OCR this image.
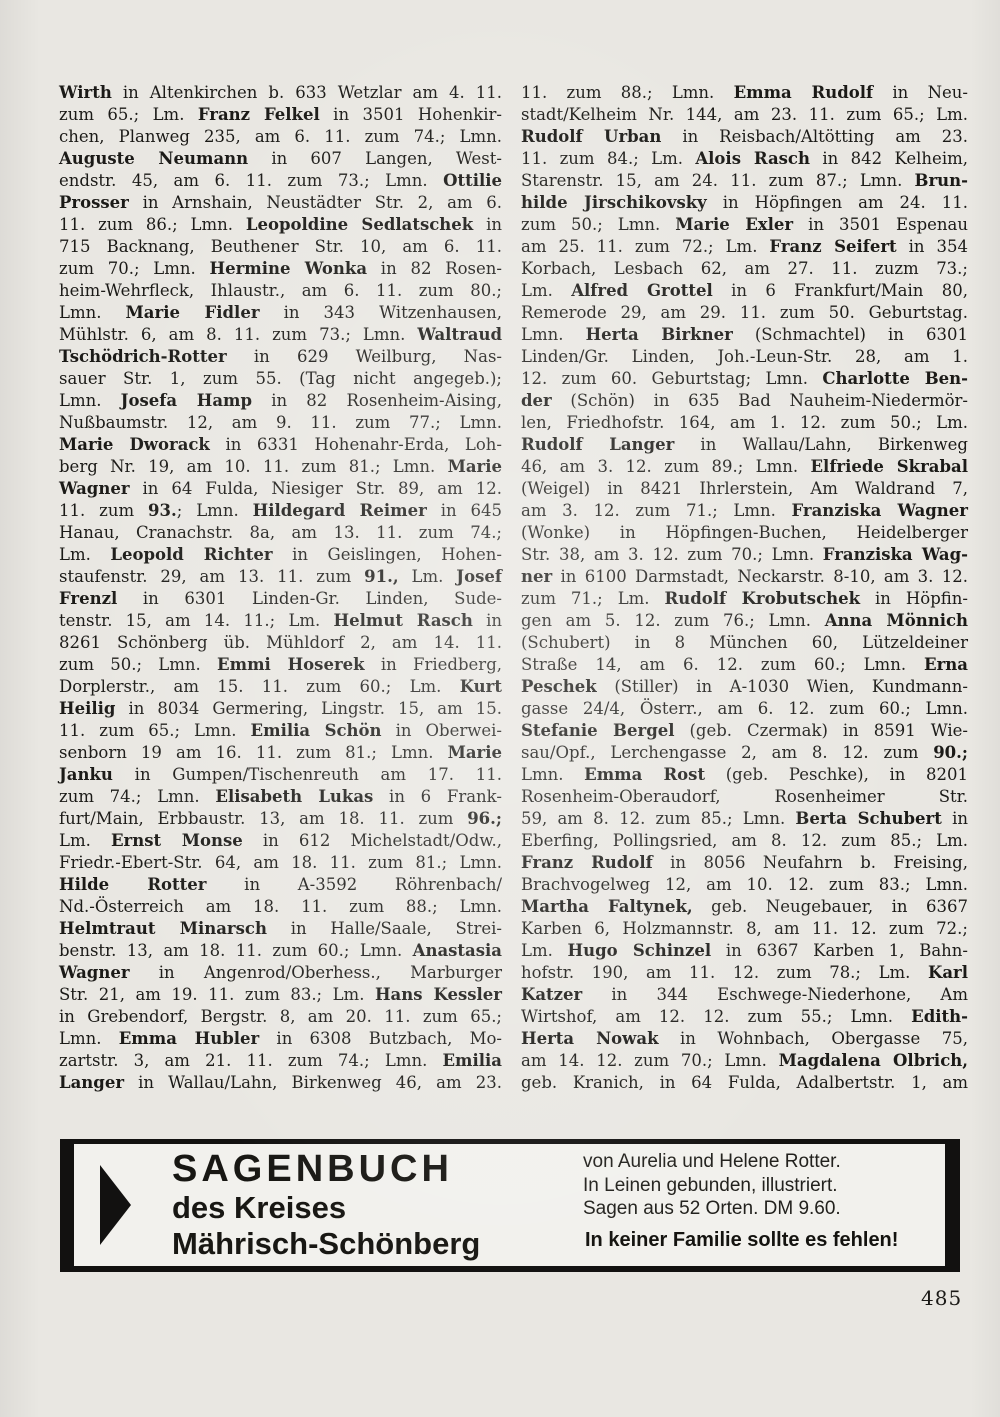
Wirth in Altenkirchen b. 633 Wetzlar am 4. 11.
zum 65.; Lm. Franz Felkel in 3501 Hohenkir-
chen, Planweg 235, am 6. 11. zum 74.; Lmn.
Auguste Neumann in 607 Langen, West-
endstr. 45, am 6. 11. zum 73.; Lmn. Ottilie
Prosser in Arnshain, Neustädter Str. 2, am 6.
11. zum 86.; Lmn. Leopoldine Sedlatschek in
715 Backnang, Beuthener Str. 10, am 6. 11.
zum 70.; Lmn. Hermine Wonka in 82 Rosen-
heim-Wehrfleck, Ihlaustr., am 6. 11. zum 80.;
Lmn. Marie Fidler in 343 Witzenhausen,
Mühlstr. 6, am 8. 11. zum 73.; Lmn. Waltraud
Tschödrich-Rotter in 629 Weilburg, Nas-
sauer Str. 1, zum 55. (Tag nicht angegeb.);
Lmn. Josefa Hamp in 82 Rosenheim-Aising,
Nußbaumstr. 12, am 9. 11. zum 77.; Lmn.
Marie Dworack in 6331 Hohenahr-Erda, Loh-
berg Nr. 19, am 10. 11. zum 81.; Lmn. Marie
Wagner in 64 Fulda, Niesiger Str. 89, am 12.
11. zum 93.; Lmn. Hildegard Reimer in 645
Hanau, Cranachstr. 8a, am 13. 11. zum 74.;
Lm. Leopold Richter in Geislingen, Hohen-
staufenstr. 29, am 13. 11. zum 91., Lm. Josef
Frenzl in 6301 Linden-Gr. Linden, Sude-
tenstr. 15, am 14. 11.; Lm. Helmut Rasch in
8261 Schönberg üb. Mühldorf 2, am 14. 11.
zum 50.; Lmn. Emmi Hoserek in Friedberg,
Dorplerstr., am 15. 11. zum 60.; Lm. Kurt
Heilig in 8034 Germering, Lingstr. 15, am 15.
11. zum 65.; Lmn. Emilia Schön in Oberwei-
senborn 19 am 16. 11. zum 81.; Lmn. Marie
Janku in Gumpen/Tischenreuth am 17. 11.
zum 74.; Lmn. Elisabeth Lukas in 6 Frank-
furt/Main, Erbbaustr. 13, am 18. 11. zum 96.;
Lm. Ernst Monse in 612 Michelstadt/Odw.,
Friedr.-Ebert-Str. 64, am 18. 11. zum 81.; Lmn.
Hilde Rotter in A-3592 Röhrenbach/
Nd.-Österreich am 18. 11. zum 88.; Lmn.
Helmtraut Minarsch in Halle/Saale, Strei-
benstr. 13, am 18. 11. zum 60.; Lmn. Anastasia
Wagner in Angenrod/Oberhess., Marburger
Str. 21, am 19. 11. zum 83.; Lm. Hans Kessler
in Grebendorf, Bergstr. 8, am 20. 11. zum 65.;
Lmn. Emma Hubler in 6308 Butzbach, Mo-
zartstr. 3, am 21. 11. zum 74.; Lmn. Emilia
Langer in Wallau/Lahn, Birkenweg 46, am 23.
11. zum 88.; Lmn. Emma Rudolf in Neu-
stadt/Kelheim Nr. 144, am 23. 11. zum 65.; Lm.
Rudolf Urban in Reisbach/Altötting am 23.
11. zum 84.; Lm. Alois Rasch in 842 Kelheim,
Starenstr. 15, am 24. 11. zum 87.; Lmn. Brun-
hilde Jirschikovsky in Höpfingen am 24. 11.
zum 50.; Lmn. Marie Exler in 3501 Espenau
am 25. 11. zum 72.; Lm. Franz Seifert in 354
Korbach, Lesbach 62, am 27. 11. zuzm 73.;
Lm. Alfred Grottel in 6 Frankfurt/Main 80,
Remerode 29, am 29. 11. zum 50. Geburtstag.
Lmn. Herta Birkner (Schmachtel) in 6301
Linden/Gr. Linden, Joh.-Leun-Str. 28, am 1.
12. zum 60. Geburtstag; Lmn. Charlotte Ben-
der (Schön) in 635 Bad Nauheim-Niedermör-
len, Friedhofstr. 164, am 1. 12. zum 50.; Lm.
Rudolf Langer in Wallau/Lahn, Birkenweg
46, am 3. 12. zum 89.; Lmn. Elfriede Skrabal
(Weigel) in 8421 Ihrlerstein, Am Waldrand 7,
am 3. 12. zum 71.; Lmn. Franziska Wagner
(Wonke) in Höpfingen-Buchen, Heidelberger
Str. 38, am 3. 12. zum 70.; Lmn. Franziska Wag-
ner in 6100 Darmstadt, Neckarstr. 8-10, am 3. 12.
zum 71.; Lm. Rudolf Krobutschek in Höpfin-
gen am 5. 12. zum 76.; Lmn. Anna Mönnich
(Schubert) in 8 München 60, Lützeldeiner
Straße 14, am 6. 12. zum 60.; Lmn. Erna
Peschek (Stiller) in A-1030 Wien, Kundmann-
gasse 24/4, Österr., am 6. 12. zum 60.; Lmn.
Stefanie Bergel (geb. Czermak) in 8591 Wie-
sau/Opf., Lerchengasse 2, am 8. 12. zum 90.;
Lmn. Emma Rost (geb. Peschke), in 8201
Rosenheim-Oberaudorf, Rosenheimer Str.
59, am 8. 12. zum 85.; Lmn. Berta Schubert in
Eberfing, Pollingsried, am 8. 12. zum 85.; Lm.
Franz Rudolf in 8056 Neufahrn b. Freising,
Brachvogelweg 12, am 10. 12. zum 83.; Lmn.
Martha Faltynek, geb. Neugebauer, in 6367
Karben 6, Holzmannstr. 8, am 11. 12. zum 72.;
Lm. Hugo Schinzel in 6367 Karben 1, Bahn-
hofstr. 190, am 11. 12. zum 78.; Lm. Karl
Katzer in 344 Eschwege-Niederhone, Am
Wirtshof, am 12. 12. zum 55.; Lmn. Edith-
Herta Nowak in Wohnbach, Obergasse 75,
am 14. 12. zum 70.; Lmn. Magdalena Olbrich,
geb. Kranich, in 64 Fulda, Adalbertstr. 1, am
SAGENBUCH
des Kreises
Mährisch-Schönberg
von Aurelia und Helene Rotter.
In Leinen gebunden, illustriert.
Sagen aus 52 Orten. DM 9.60.
In keiner Familie sollte es fehlen!
485
